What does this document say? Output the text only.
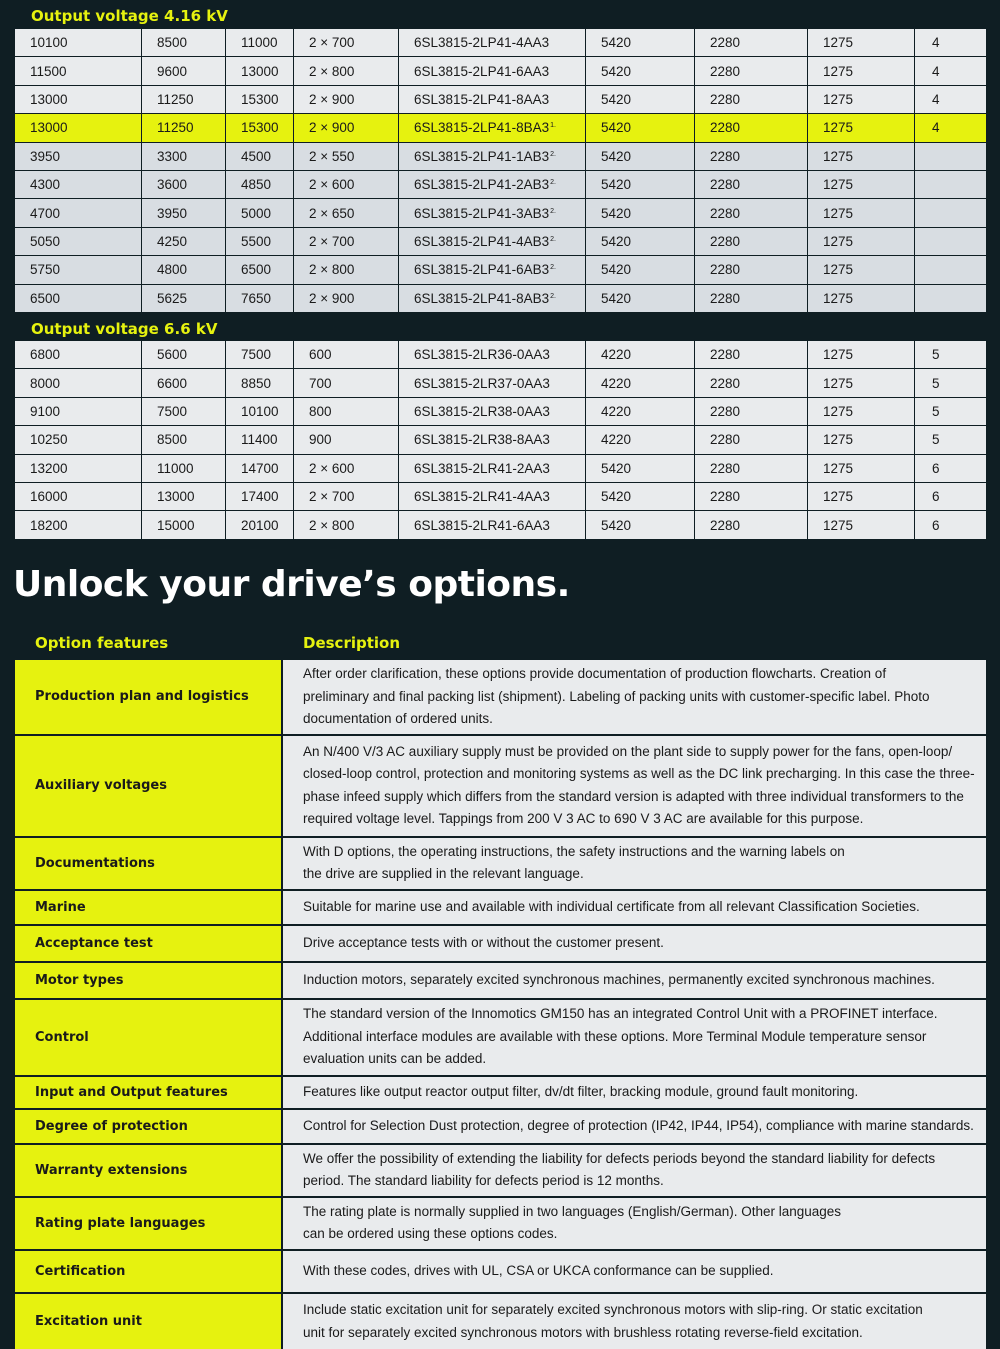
Output voltage 4.16 kV
10100	8500	11000	2 × 700	6SL3815-2LP41-4AA3	5420	2280	1275	4
11500	9600	13000	2 × 800	6SL3815-2LP41-6AA3	5420	2280	1275	4
13000	11250	15300	2 × 900	6SL3815-2LP41-8AA3	5420	2280	1275	4
13000	11250	15300	2 × 900	$6SL3815-2LP41-8BA3^{1.}$	5420	2280	1275	4
3950	3300	4500	2 × 550	$6SL3815-2LP41-1AB3^{2.}$	5420	2280	1275	
4300	3600	4850	2 × 600	$6SL3815-2LP41-2AB3^{2.}$	5420	2280	1275	
4700	3950	5000	2 × 650	$6SL3815-2LP41-3AB3^{2.}$	5420	2280	1275	
5050	4250	5500	2 × 700	$6SL3815-2LP41-4AB3^{2.}$	5420	2280	1275	
5750	4800	6500	2 × 800	$6SL3815-2LP41-6AB3^{2.}$	5420	2280	1275	
6500	5625	7650	2 × 900	$6SL3815-2LP41-8AB3^{2.}$	5420	2280	1275	
Output voltage 6.6 kV
6800	5600	7500	600	6SL3815-2LR36-0AA3	4220	2280	1275	5
8000	6600	8850	700	6SL3815-2LR37-0AA3	4220	2280	1275	5
9100	7500	10100	800	6SL3815-2LR38-0AA3	4220	2280	1275	5
10250	8500	11400	900	6SL3815-2LR38-8AA3	4220	2280	1275	5
13200	11000	14700	2 × 600	6SL3815-2LR41-2AA3	5420	2280	1275	6
16000	13000	17400	2 × 700	6SL3815-2LR41-4AA3	5420	2280	1275	6
18200	15000	20100	2 × 800	6SL3815-2LR41-6AA3	5420	2280	1275	6
Unlock your drive’s options.
Option features	Description
Production plan and logistics	After order clarification, these options provide documentation of production flowcharts. Creation of
preliminary and final packing list (shipment). Labeling of packing units with customer-specific label. Photo
documentation of ordered units.

Auxiliary voltages	An N/400 V/3 AC auxiliary supply must be provided on the plant side to supply power for the fans, open-loop/
closed-loop control, protection and monitoring systems as well as the DC link precharging. In this case the three-
phase infeed supply which differs from the standard version is adapted with three individual transformers to the
required voltage level. Tappings from 200 V 3 AC to 690 V 3 AC are available for this purpose.

Documentations	With D options, the operating instructions, the safety instructions and the warning labels on
the drive are supplied in the relevant language.

Marine	Suitable for marine use and available with individual certificate from all relevant Classification Societies.

Acceptance test	Drive acceptance tests with or without the customer present.

Motor types	Induction motors, separately excited synchronous machines, permanently excited synchronous machines.

Control	The standard version of the Innomotics GM150 has an integrated Control Unit with a PROFINET interface.
Additional interface modules are available with these options. More Terminal Module temperature sensor
evaluation units can be added.

Input and Output features	Features like output reactor output filter, dv/dt filter, bracking module, ground fault monitoring.

Degree of protection	Control for Selection Dust protection, degree of protection (IP42, IP44, IP54), compliance with marine standards.

Warranty extensions	We offer the possibility of extending the liability for defects periods beyond the standard liability for defects
period. The standard liability for defects period is 12 months.

Rating plate languages	The rating plate is normally supplied in two languages (English/German). Other languages
can be ordered using these options codes.

Certification	With these codes, drives with UL, CSA or UKCA conformance can be supplied.

Excitation unit	Include static excitation unit for separately excited synchronous motors with slip-ring. Or static excitation
unit for separately excited synchronous motors with brushless rotating reverse-field excitation.
